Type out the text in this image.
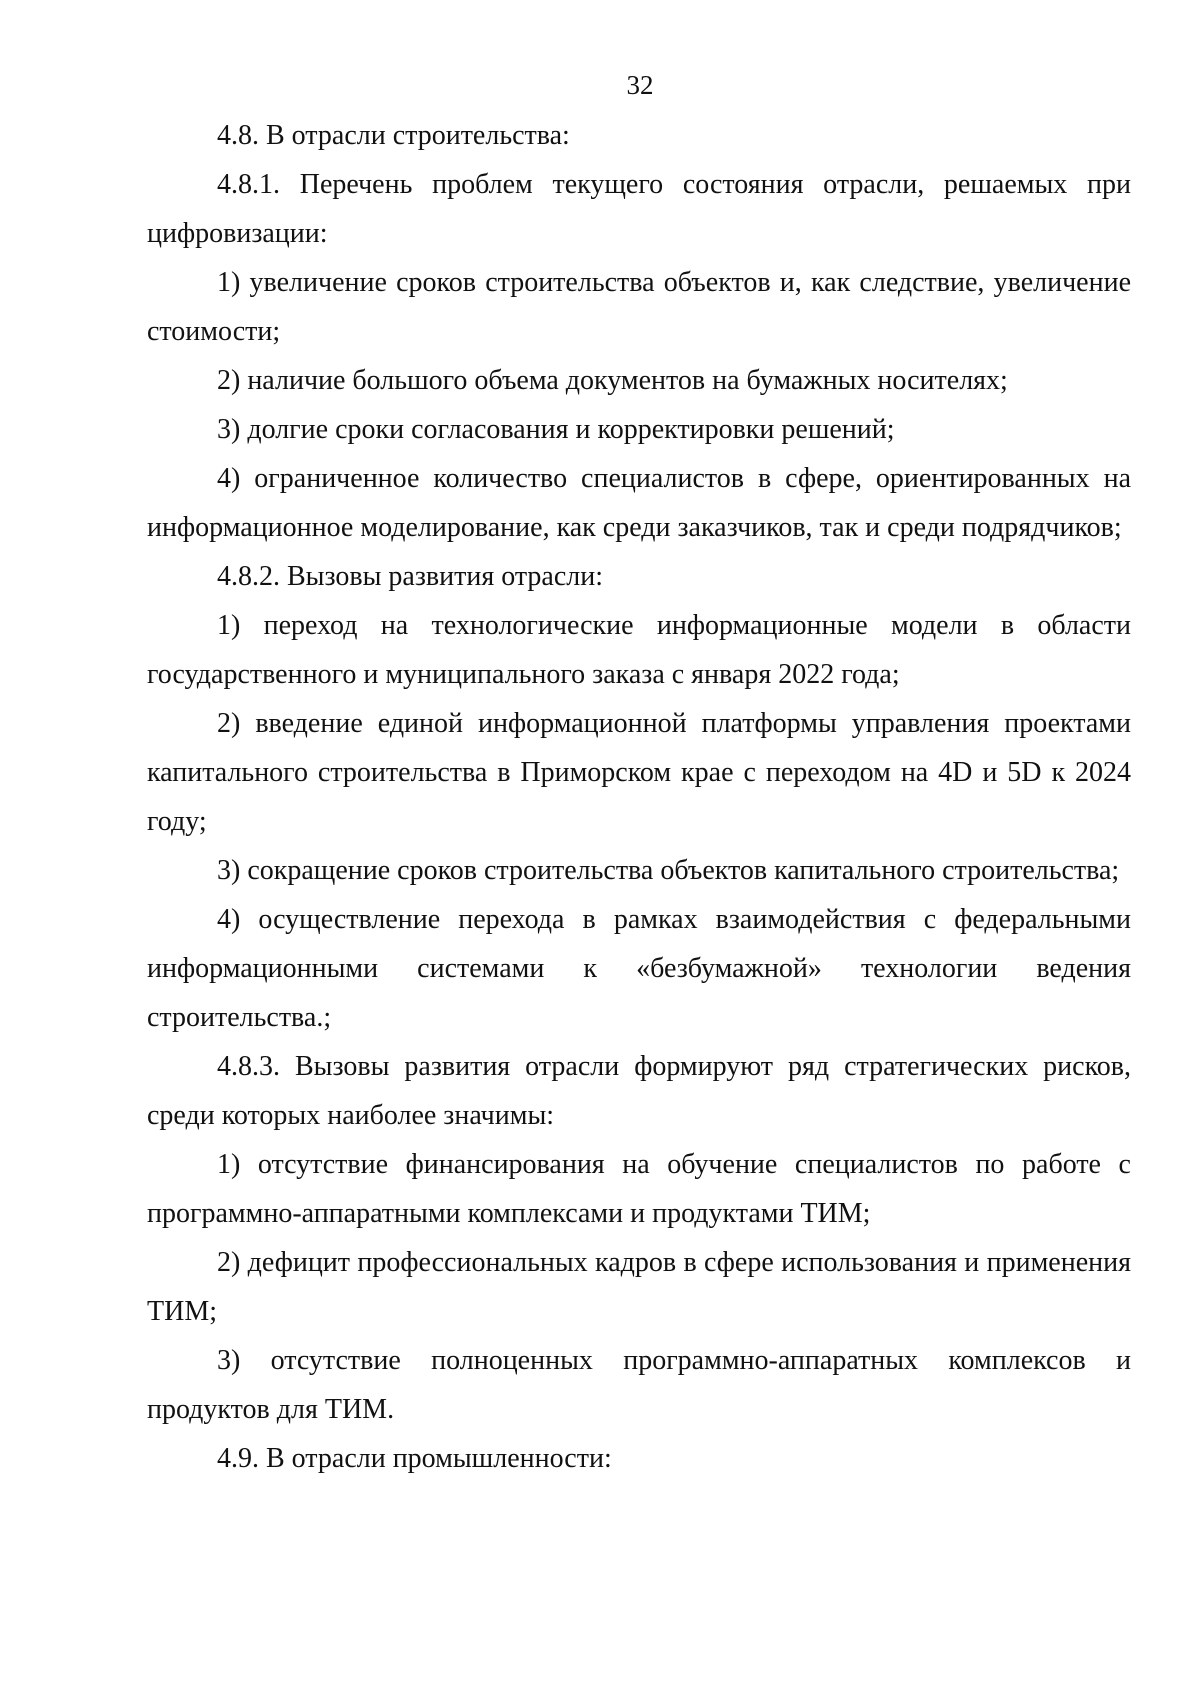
32

4.8. В отрасли строительства:

4.8.1. Перечень проблем текущего состояния отрасли, решаемых при цифровизации:

1) увеличение сроков строительства объектов и, как следствие, увеличение стоимости;

2) наличие большого объема документов на бумажных носителях;

3) долгие сроки согласования и корректировки решений;

4) ограниченное количество специалистов в сфере, ориентированных на информационное моделирование, как среди заказчиков, так и среди подрядчиков;

4.8.2. Вызовы развития отрасли:

1) переход на технологические информационные модели в области государственного и муниципального заказа с января 2022 года;

2) введение единой информационной платформы управления проектами капитального строительства в Приморском крае с переходом на 4D и 5D к 2024 году;

3) сокращение сроков строительства объектов капитального строительства;

4) осуществление перехода в рамках взаимодействия с федеральными информационными системами к «безбумажной» технологии ведения строительства.;

4.8.3. Вызовы развития отрасли формируют ряд стратегических рисков, среди которых наиболее значимы:

1) отсутствие финансирования на обучение специалистов по работе с программно-аппаратными комплексами и продуктами ТИМ;

2) дефицит профессиональных кадров в сфере использования и применения ТИМ;

3) отсутствие полноценных программно-аппаратных комплексов и продуктов для ТИМ.

4.9. В отрасли промышленности:
